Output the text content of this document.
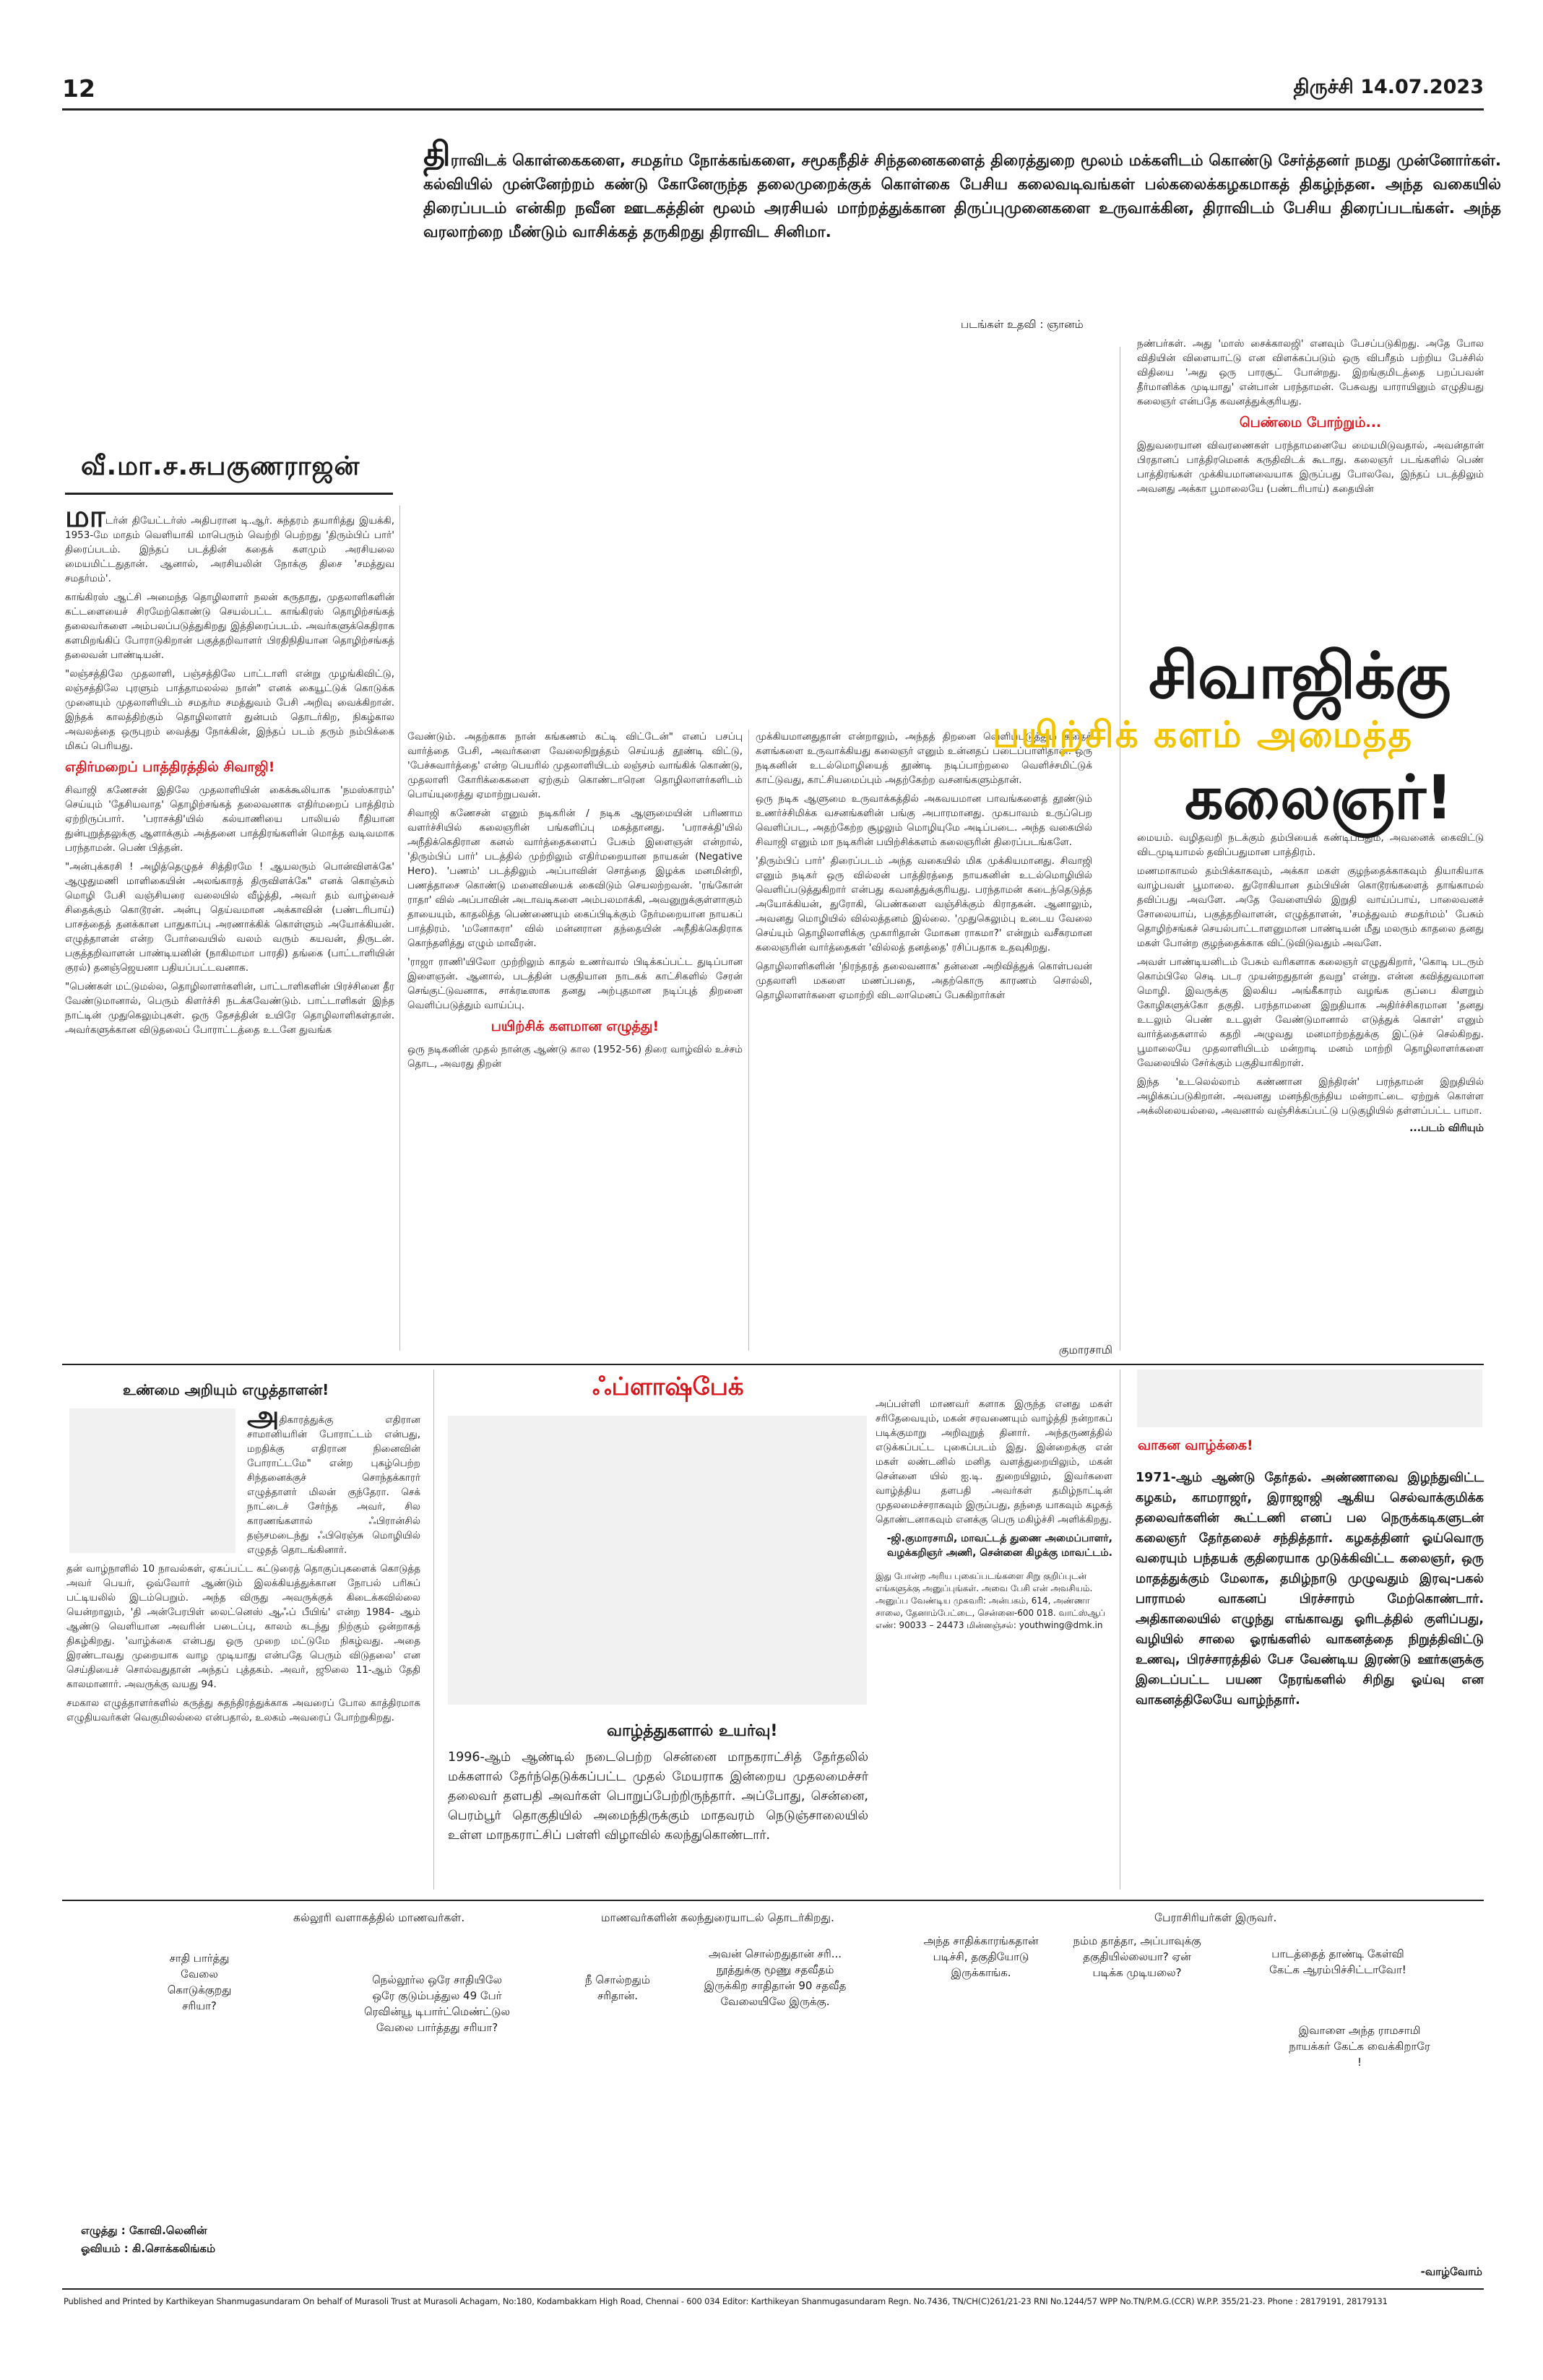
12	திருச்சி 14.07.2023
திராவிடக் கொள்கைகளை, சமதர்ம நோக்கங்களை, சமூகநீதிச் சிந்தனைகளைத் திரைத்துறை மூலம் மக்களிடம் கொண்டு சேர்த்தனர் நமது முன்னோர்கள். கல்வியில் முன்னேற்றம் கண்டு கோனேருந்த தலைமுறைக்குக் கொள்கை பேசிய கலைவடிவங்கள் பல்கலைக்கழகமாகத் திகழ்ந்தன. அந்த வகையில் திரைப்படம் என்கிற நவீன ஊடகத்தின் மூலம் அரசியல் மாற்றத்துக்கான திருப்புமுனைகளை உருவாக்கின, திராவிடம் பேசிய திரைப்படங்கள். அந்த வரலாற்றை மீண்டும் வாசிக்கத் தருகிறது திராவிட சினிமா.
படங்கள் உதவி : ஞானம்
வீ.மா.ச.சுபகுணராஜன்

மாடர்ன் தியேட்டர்ஸ் அதிபரான டி.ஆர். சுந்தரம் தயாரித்து இயக்கி, 1953-மே மாதம் வெளியாகி மாபெரும் வெற்றி பெற்றது 'திரும்பிப் பார்' திரைப்படம். இந்தப் படத்தின் கதைக் களமும் அரசியலை மையமிட்டதுதான். ஆனால், அரசியலின் நோக்கு திசை 'சமத்துவ சமதர்மம்'.

காங்கிரஸ் ஆட்சி அமைந்த தொழிலாளர் நலன் கருதாது, முதலாளிகளின் கட்டளையைச் சிரமேற்கொண்டு செயல்பட்ட காங்கிரஸ் தொழிற்சங்கத் தலைவர்களை அம்பலப்படுத்துகிறது இத்திரைப்படம். அவர்களுக்கெதிராக களமிறங்கிப் போராடுகிறான் பகுத்தறிவாளர் பிரதிநிதியான தொழிற்சங்கத் தலைவன் பாண்டியன்.

"லஞ்சத்திலே முதலாளி, பஞ்சத்திலே பாட்டாளி என்று முழங்கிவிட்டு, லஞ்சத்திலே புரளும் பாத்தாமலல்ல நான்" எனக் கையூட்டுக் கொடுக்க முனையும் முதலாளியிடம் சமதர்ம சமத்துவம் பேசி அறிவு வைக்கிறான். இந்தக் காலத்திற்கும் தொழிலாளர் துன்பம் தொடர்கிற, நிகழ்கால அவலத்தை ஒருபுறம் வைத்து நோக்கின், இந்தப் படம் தரும் நம்பிக்கை மிகப் பெரியது.

எதிர்மறைப் பாத்திரத்தில் சிவாஜி!

சிவாஜி கணேசன் இதிலே முதலாளியின் கைக்கூலியாக 'நமஸ்காரம்' செய்யும் 'தேசியவாத' தொழிற்சங்கத் தலைவனாக எதிர்மறைப் பாத்திரம் ஏற்றிருப்பார். 'பராசக்தி'யில் கல்யாணியை பாலியல் ரீதியான துன்புறுத்தலுக்கு ஆளாக்கும் அத்தனை பாத்திரங்களின் மொத்த வடிவமாக பரந்தாமன். பெண் பித்தன்.

"அன்புக்கரசி ! அழித்தெழுதச் சித்திரமே ! ஆயலரும் பொன்விளக்கே' ஆழுதுமணி மாளிகையின் அலங்காரத் திருவிளக்கே" எனக் கொஞ்சும் மொழி பேசி வஞ்சியரை வலையில் வீழ்த்தி, அவர் தம் வாழ்வைச் சிதைக்கும் கொடூரன். அன்பு தெய்வமான அக்காவின் (பண்டரிபாய்) பாசத்தைத் தனக்கான பாதுகாப்பு அரணாக்கிக் கொள்ளும் அயோக்கியன். எழுத்தாளன் என்ற போர்வையில் வலம் வரும் கயவன், திருடன். பகுத்தறிவாளன் பாண்டியனின் (நாகிமாமா பாரதி) தங்கை (பாட்டாளியின் குரல்) தனஞ்ஜெயனா பதியப்பட்டவனாக.

"பெண்கள் மட்டுமல்ல, தொழிலாளர்களின், பாட்டாளிகளின் பிரச்சினை தீர வேண்டுமானால், பெரும் கிளர்ச்சி நடக்கவேண்டும். பாட்டாளிகள் இந்த நாட்டின் முதுகெலும்புகள். ஒரு தேசத்தின் உயிரே தொழிலாளிகள்தான். அவர்களுக்கான விடுதலைப் போராட்டத்தை உடனே துவங்க

வேண்டும். அதற்காக நான் கங்கணம் கட்டி விட்டேன்" எனப் பசப்பு வார்த்தை பேசி, அவர்களை வேலைநிறுத்தம் செய்யத் தூண்டி விட்டு, 'பேச்சுவார்த்தை' என்ற பெயரில் முதலாளியிடம் லஞ்சம் வாங்கிக் கொண்டு, முதலாளி கோரிக்கைகளை ஏற்கும் கொண்டாரென தொழிலாளர்களிடம் பொய்யுரைத்து ஏமாற்றுபவன்.

சிவாஜி கணேசன் எனும் நடிகரின் / நடிக ஆளுமையின் பரிணாம வளர்ச்சியில் கலைஞரின் பங்களிப்பு மகத்தானது. 'பராசக்தி'யில் அநீதிக்கெதிரான கனல் வார்த்தைகளைப் பேசும் இளைஞன் என்றால், 'திரும்பிப் பார்' படத்தில் முற்றிலும் எதிர்மறையான நாயகன் (Negative Hero). 'பணம்' படத்திலும் அப்பாவின் சொத்தை இழக்க மனமின்றி, பணத்தாசை கொண்டு மனைவியைக் கைவிடும் செயலற்றவன். 'ரங்கோன் ராதா' வில் அப்பாவின் அடாவடிகளை அம்பலமாக்கி, அவனுறுக்குள்ளாகும் தாயையும், காதலித்த பெண்ணையும் கைப்பிடிக்கும் நேர்மறையான நாயகப் பாத்திரம். 'மனோகரா' வில் மன்னரான தந்தையின் அநீதிக்கெதிராக கொந்தளித்து எழும் மாவீரன்.

'ராஜா ராணி'யிலோ முற்றிலும் காதல் உணர்வால் பிடிக்கப்பட்ட துடிப்பான இளைஞன். ஆனால், படத்தின் பகுதியான நாடகக் காட்சிகளில் சேரன் செங்குட்டுவனாக, சாக்ரடீஸாக தனது அற்புதமான நடிப்புத் திறனை வெளிப்படுத்தும் வாய்ப்பு.

பயிற்சிக் களமான எழுத்து!

ஒரு நடிகனின் முதல் நான்கு ஆண்டு கால (1952-56) திரை வாழ்வில் உச்சம் தொட, அவரது திறன்

முக்கியமானதுதான் என்றாலும், அந்தத் திறனை வெளிப்படுத்தும் கதைக் களங்களை உருவாக்கியது கலைஞர் எனும் உன்னதப் படைப்பாளிதான். ஒரு நடிகனின் உடல்மொழியைத் தூண்டி நடிப்பாற்றலை வெளிச்சமிட்டுக் காட்டுவது, காட்சியமைப்பும் அதற்கேற்ற வசனங்களும்தான்.

ஒரு நடிக ஆளுமை உருவாக்கத்தில் அகவயமான பாவங்களைத் தூண்டும் உணர்ச்சிமிக்க வசனங்களின் பங்கு அபாரமானது. முகபாவம் உருப்பெற வெளிப்பட, அதற்கேற்ற சூழலும் மொழியுமே அடிப்படை. அந்த வகையில் சிவாஜி எனும் மா நடிகரின் பயிற்சிக்களம் கலைஞரின் திரைப்படங்களே.

'திரும்பிப் பார்' திரைப்படம் அந்த வகையில் மிக முக்கியமானது. சிவாஜி எனும் நடிகர் ஒரு வில்லன் பாத்திரத்தை நாயகனின் உடல்மொழியில் வெளிப்படுத்துகிறார் என்பது கவனத்துக்குரியது. பரந்தாமன் கடைந்தெடுத்த அயோக்கியன், துரோகி, பெண்களை வஞ்சிக்கும் கிராதகன். ஆனாலும், அவனது மொழியில் வில்லத்தனம் இல்லை. 'முதுகெலும்பு உடைய வேலை செய்யும் தொழிலாளிக்கு முகாரிதான் மோகன ராகமா?' என்றும் வசீகரமான கலைஞரின் வார்த்தைகள் 'வில்லத் தனத்தை' ரசிப்பதாக உதவுகிறது.

தொழிலாளிகளின் 'நிரந்தரத் தலைவனாக' தன்னை அறிவித்துக் கொள்பவன் முதலாளி மகளை மணப்பதை, அதற்கொரு காரணம் சொல்லி, தொழிலாளர்களை ஏமாற்றி விடலாமெனப் பேசுகிறார்கள்

நண்பர்கள். அது 'மாஸ் சைக்காலஜி' எனவும் பேசப்படுகிறது. அதே போல விதியின் விளையாட்டு என விளக்கப்படும் ஒரு விபரீதம் பற்றிய பேச்சில் விதியை 'அது ஒரு பாரசூட் போன்றது. இறங்குமிடத்தை பறப்பவன் தீர்மானிக்க முடியாது' என்பான் பரந்தாமன். பேசுவது யாராயினும் எழுதியது கலைஞர் என்பதே கவனத்துக்குரியது.

பெண்மை போற்றும்...

இதுவரையான விவரணைகள் பரந்தாமனையே மையமிடுவதால், அவன்தான் பிரதானப் பாத்திரமெனக் கருதிவிடக் கூடாது. கலைஞர் படங்களில் பெண் பாத்திரங்கள் முக்கியமானவையாக இருப்பது போலவே, இந்தப் படத்திலும் அவனது அக்கா பூமாலையே (பண்டரிபாய்) கதையின்

மையம். வழிதவறி நடக்கும் தம்பியைக் கண்டிப்பதும், அவனைக் கைவிட்டு விடமுடியாமல் தவிப்பதுமான பாத்திரம்.

மணமாகாமல் தம்பிக்காகவும், அக்கா மகள் குழந்தைக்காகவும் தியாகியாக வாழ்பவள் பூமாலை. துரோகியான தம்பியின் கொடூரங்களைத் தாங்காமல் தவிப்பது அவளே. அதே வேளையில் இறுதி வாய்ப்பாய், பாலைவனச் சோலையாய், பகுத்தறிவாளன், எழுத்தாளன், 'சமத்துவம் சமதர்மம்' பேசும் தொழிற்சங்கச் செயல்பாட்டாளனுமான பாண்டியன் மீது மலரும் காதலை தனது மகள் போன்ற குழந்தைக்காக விட்டுவிடுவதும் அவளே.

அவள் பாண்டியனிடம் பேசும் வரிகளாக கலைஞர் எழுதுகிறார், 'கொடி படரும் கொம்பிலே செடி படர முயன்றதுதான் தவறு' என்று. என்ன கவித்துவமான மொழி. இவருக்கு இலகிய அங்கீகாரம் வழங்க குப்பை கிளறும் கோழிகளுக்கோ தகுதி. பரந்தாமனை இறுதியாக அதிர்ச்சிகரமான 'தனது உடலும் பெண் உடலுள் வேண்டுமானால் எடுத்துக் கொள்' எனும் வார்த்தைகளால் கதறி அழுவது மனமாற்றத்துக்கு இட்டுச் செல்கிறது. பூமாலையே முதலாளியிடம் மன்றாடி மனம் மாற்றி தொழிலாளர்களை வேலையில் சேர்க்கும் பகுதியாகிறாள்.

இந்த 'உடலெல்லாம் கண்ணான இந்திரன்' பரந்தாமன் இறுதியில் அழிக்கப்படுகிறான். அவனது மனந்திருந்திய மன்றாட்டை ஏற்றுக் கொள்ள அக்லிலையல்லை, அவனால் வஞ்சிக்கப்பட்டு படுகுழியில் தள்ளப்பட்ட பாமா.

...படம் விரியும்
சிவாஜிக்கு
பயிற்சிக் களம் அமைத்த
கலைஞர்!
உண்மை அறியும் எழுத்தாளன்!

அதிகாரத்துக்கு எதிரான சாமானியரின் போராட்டம் என்பது, மறதிக்கு எதிரான நினைவின் போராட்டமே" என்ற புகழ்பெற்ற சிந்தனைக்குச் சொந்தக்காரர் எழுத்தாளர் மிலன் குந்தேரா. செக் நாட்டைச் சேர்ந்த அவர், சில காரணங்களால் ஃபிரான்சில் தஞ்சமடைந்து ஃபிரெஞ்சு மொழியில் எழுதத் தொடங்கினார்.

தன் வாழ்நாளில் 10 நாவல்கள், ஏகப்பட்ட கட்டுரைத் தொகுப்புகளைக் கொடுத்த அவர் பெயர், ஒவ்வோர் ஆண்டும் இலக்கியத்துக்கான நோபல் பரிசுப் பட்டியலில் இடம்பெறும். அந்த விருது அவருக்குக் கிடைக்கவில்லை யென்றாலும், 'தி அன்பேரபிள் லைட்னெஸ் ஆஃப் பீயிங்' என்ற 1984- ஆம் ஆண்டு வெளியான அவரின் படைப்பு, காலம் கடந்து நிற்கும் ஒன்றாகத் திகழ்கிறது. 'வாழ்க்கை என்பது ஒரு முறை மட்டுமே நிகழ்வது. அதை இரண்டாவது முறையாக வாழ முடியாது என்பதே பெரும் விடுதலை' என செய்தியைச் சொல்வதுதான் அந்தப் புத்தகம். அவர், ஜூலை 11-ஆம் தேதி காலமானார். அவருக்கு வயது 94.

சமகால எழுத்தாளர்களில் கருத்து சுதந்திரத்துக்காக அவரைப் போல காத்திரமாக எழுதியவர்கள் வெகுமிலல்லை என்பதால், உலகம் அவரைப் போற்றுகிறது.

ஃப்ளாஷ்பேக்

அப்பள்ளி மாணவர் களாக இருந்த எனது மகள் சரிதேவையும், மகன் சரவணையும் வாழ்த்தி நன்றாகப் படிக்குமாறு அறிவுறுத் தினார். அந்தருணத்தில் எடுக்கப்பட்ட புகைப்படம் இது. இன்றைக்கு என் மகள் லண்டனில் மனித வளத்துறையிலும், மகன் சென்னை யில் ஐ.டி. துறையிலும், இவர்களை வாழ்த்திய தளபதி அவர்கள் தமிழ்நாட்டின் முதலமைச்சராகவும் இருப்பது, தந்தை யாகவும் கழகத் தொண்டனாகவும் எனக்கு பெரு மகிழ்ச்சி அளிக்கிறது.

குமாரசாமி
-ஜி.குமாரசாமி, மாவட்டத் துணை அமைப்பாளர், வழக்கறிஞர் அணி, சென்னை கிழக்கு மாவட்டம்.
இது போன்ற அரிய புகைப்படங்களை சிறு குறிப்புடன் எங்களுக்கு அனுப்புங்கள். அவை பேசி என் அவசியம். அனுப்ப வேண்டிய முகவரி: அன்பகம், 614, அண்ணா சாலை, தேனாம்பேட்டை, சென்னை-600 018. வாட்ஸ்ஆப் எண்: 90033 – 24473 மின்னஞ்சல்: youthwing@dmk.in
வாழ்த்துகளால் உயர்வு!
1996-ஆம் ஆண்டில் நடைபெற்ற சென்னை மாநகராட்சித் தேர்தலில் மக்களால் தேர்ந்தெடுக்கப்பட்ட முதல் மேயராக இன்றைய முதலமைச்சர் தலைவர் தளபதி அவர்கள் பொறுப்பேற்றிருந்தார். அப்போது, சென்னை, பெரம்பூர் தொகுதியில் அமைந்திருக்கும் மாதவரம் நெடுஞ்சாலையில் உள்ள மாநகராட்சிப் பள்ளி விழாவில் கலந்துகொண்டார்.
வாகன வாழ்க்கை!
1971-ஆம் ஆண்டு தேர்தல். அண்ணாவை இழந்துவிட்ட கழகம், காமராஜர், இராஜாஜி ஆகிய செல்வாக்குமிக்க தலைவர்களின் கூட்டணி எனப் பல நெருக்கடிகளுடன் கலைஞர் தேர்தலைச் சந்தித்தார். கழகத்தினர் ஓய்வொரு வரையும் பந்தயக் குதிரையாக முடுக்கிவிட்ட கலைஞர், ஒரு மாதத்துக்கும் மேலாக, தமிழ்நாடு முழுவதும் இரவு-பகல் பாராமல் வாகனப் பிரச்சாரம் மேற்கொண்டார். அதிகாலையில் எழுந்து எங்காவது ஓரிடத்தில் குளிப்பது, வழியில் சாலை ஓரங்களில் வாகனத்தை நிறுத்திவிட்டு உணவு, பிரச்சாரத்தில் பேச வேண்டிய இரண்டு ஊர்களுக்கு இடைப்பட்ட பயண நேரங்களில் சிறிது ஓய்வு என வாகனத்திலேயே வாழ்ந்தார்.
கல்லூரி வளாகத்தில் மாணவர்கள்.	மாணவர்களின் கலந்துரையாடல் தொடர்கிறது.	பேராசிரியர்கள் இருவர்.
சாதி பார்த்து வேலை கொடுக்குறது சரியா?
நெல்லூர்ல ஒரே சாதியிலே ஒரே குடும்பத்துல 49 பேர் ரெவின்யூ டிபார்ட்மெண்ட்டுல வேலை பார்த்தது சரியா?
நீ சொல்றதும் சரிதான்.
அவன் சொல்றதுதான் சரி... நூத்துக்கு மூணு சதவீதம் இருக்கிற சாதிதான் 90 சதவீத வேலையிலே இருக்கு.
அந்த சாதிக்காரங்கதான் படிச்சி, தகுதியோடு இருக்காங்க.
நம்ம தாத்தா, அப்பாவுக்கு தகுதியில்லையா? ஏன் படிக்க முடியலை?
பாடத்தைத் தாண்டி கேள்வி கேட்க ஆரம்பிச்சிட்டாவோ!
இவாளை அந்த ராமசாமி நாயக்கர் கேட்க வைக்கிறாரே !
எழுத்து : கோவி.லெனின்
ஓவியம் : கி.சொக்கலிங்கம்
-வாழ்வோம்
Published and Printed by Karthikeyan Shanmugasundaram On behalf of Murasoli Trust at Murasoli Achagam, No:180, Kodambakkam High Road, Chennai - 600 034 Editor: Karthikeyan Shanmugasundaram Regn. No.7436, TN/CH(C)261/21-23 RNI No.1244/57 WPP No.TN/P.M.G.(CCR) W.P.P. 355/21-23. Phone : 28179191, 28179131
